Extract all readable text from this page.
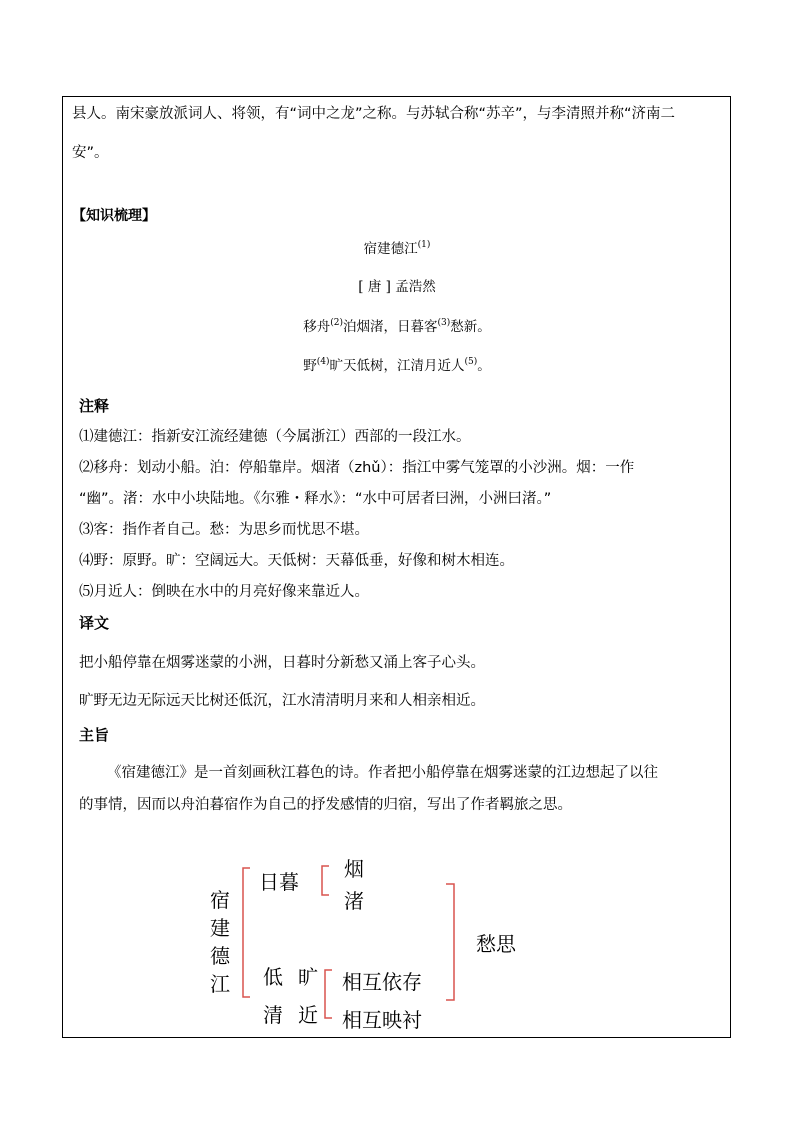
县人。南宋豪放派词人、将领，有“词中之龙”之称。与苏轼合称“苏辛”，与李清照并称“济南二
安”。
【知识梳理】
宿建德江$^{(1)}$
[ 唐 ] 孟浩然
移舟$^{(2)}$泊烟渚，日暮客$^{(3)}$愁新。
野$^{(4)}$旷天低树，江清月近人$^{(5)}$。
注释
⑴建德江：指新安江流经建德（今属浙江）西部的一段江水。
⑵移舟：划动小船。泊：停船靠岸。烟渚（zhǔ）：指江中雾气笼罩的小沙洲。烟：一作
“幽”。渚：水中小块陆地。《尔雅・释水》：“水中可居者曰洲，小洲曰渚。”
⑶客：指作者自己。愁：为思乡而忧思不堪。
⑷野：原野。旷：空阔远大。天低树：天幕低垂，好像和树木相连。
⑸月近人：倒映在水中的月亮好像来靠近人。
译文
把小船停靠在烟雾迷蒙的小洲，日暮时分新愁又涌上客子心头。
旷野无边无际远天比树还低沉，江水清清明月来和人相亲相近。
主旨
《宿建德江》是一首刻画秋江暮色的诗。作者把小船停靠在烟雾迷蒙的江边想起了以往
的事情，因而以舟泊暮宿作为自己的抒发感情的归宿，写出了作者羁旅之思。
宿
建
德
江
日暮
烟
渚
低 旷
清 近
相互依存
相互映衬
愁思
